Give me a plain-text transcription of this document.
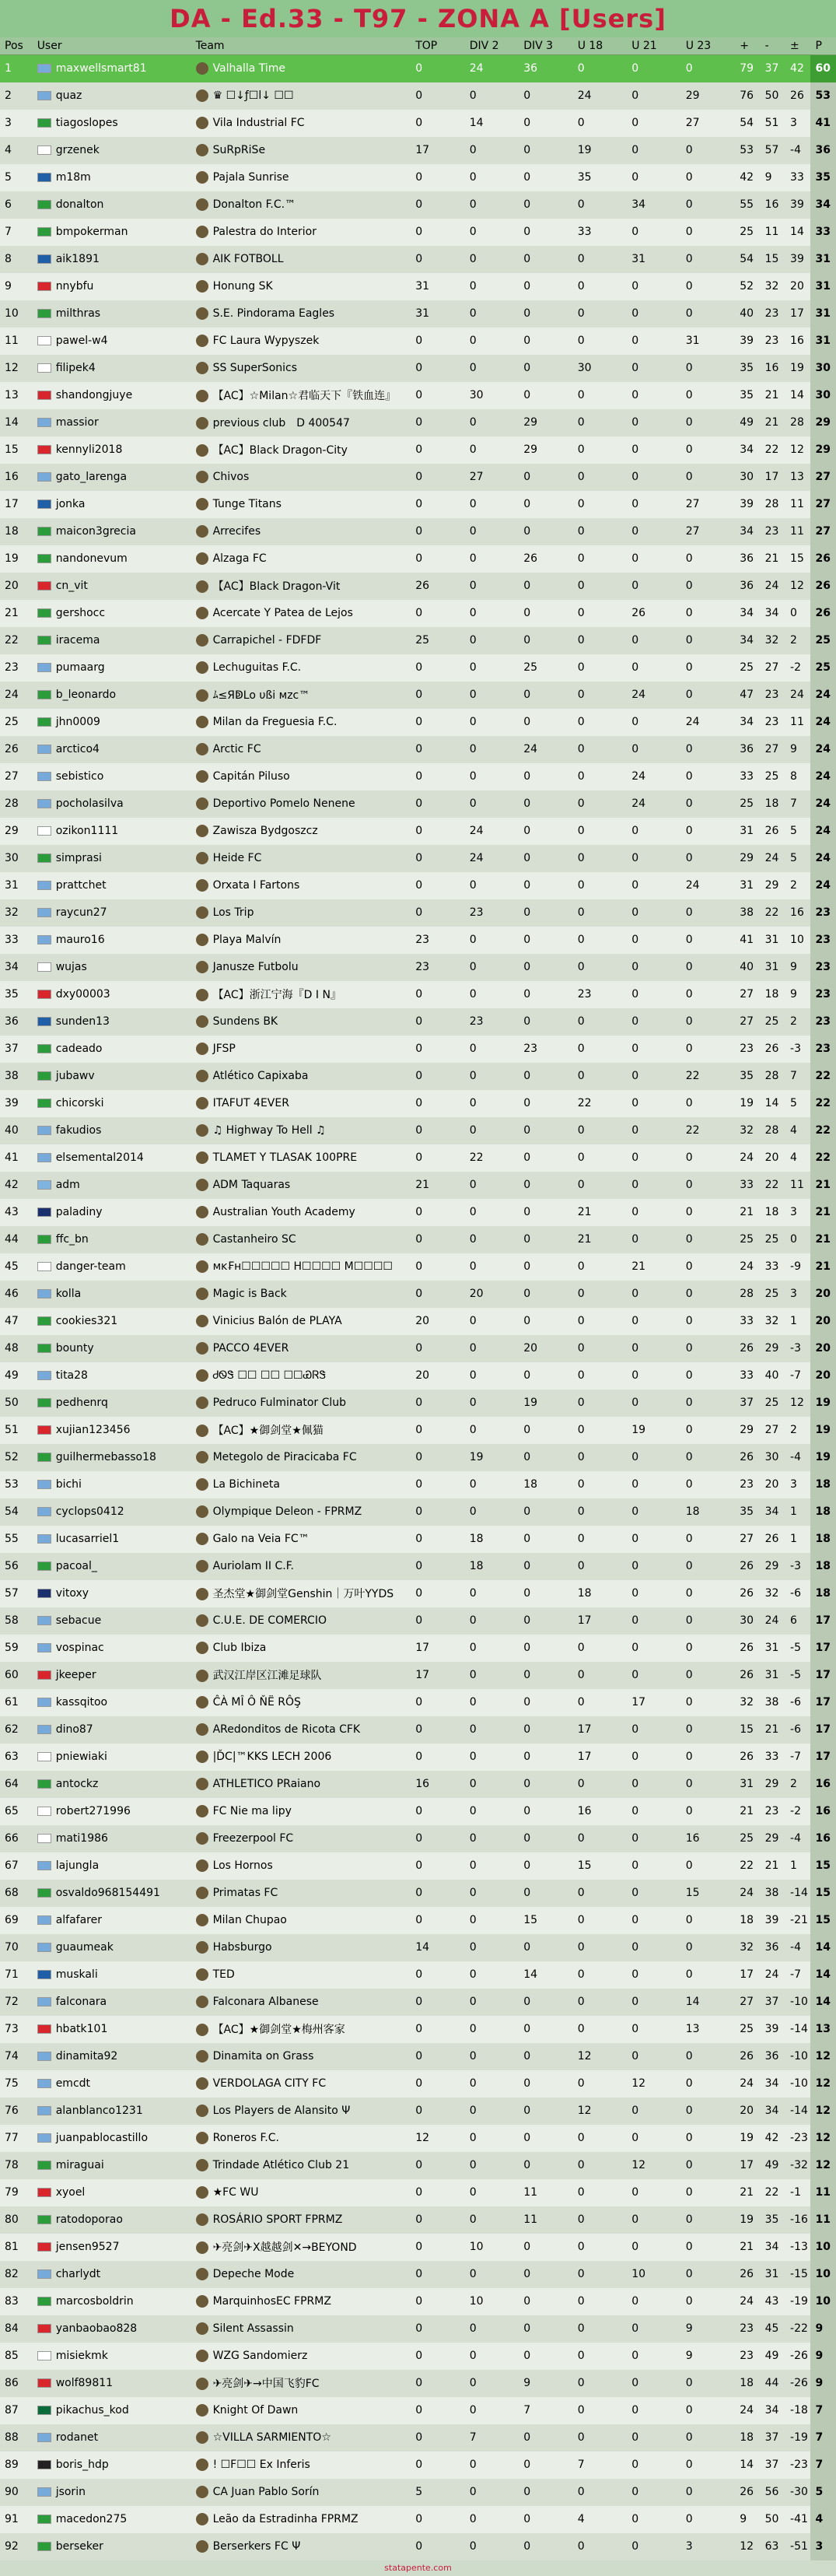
DA - Ed.33 - T97 - ZONA A [Users]
Pos	User	Team	TOP	DIV 2	DIV 3	U 18	U 21	U 23	+	-	±	P
1	maxwellsmart81	Valhalla Time	0	24	36	0	0	0	79	37	42	60
2	quaz	♛ ☐↓ƒ☐l↓ ☐☐	0	0	0	24	0	29	76	50	26	53
3	tiagoslopes	Vila Industrial FC	0	14	0	0	0	27	54	51	3	41
4	grzenek	SuRpRiSe	17	0	0	19	0	0	53	57	-4	36
5	m18m	Pajala Sunrise	0	0	0	35	0	0	42	9	33	35
6	donalton	Donalton F.C.™	0	0	0	0	34	0	55	16	39	34
7	bmpokerman	Palestra do Interior	0	0	0	33	0	0	25	11	14	33
8	aik1891	AIK FOTBOLL	0	0	0	0	31	0	54	15	39	31
9	nnybfu	Honung SK	31	0	0	0	0	0	52	32	20	31
10	milthras	S.E. Pindorama Eagles	31	0	0	0	0	0	40	23	17	31
11	pawel-w4	FC Laura Wypyszek	0	0	0	0	0	31	39	23	16	31
12	filipek4	SS SuperSonics	0	0	0	30	0	0	35	16	19	30
13	shandongjuye	【AC】☆Milan☆君临天下『铁血连』	0	30	0	0	0	0	35	21	14	30
14	massior	previous club　D 400547	0	0	29	0	0	0	49	21	28	29
15	kennyli2018	【AC】Black Dragon-City	0	0	29	0	0	0	34	22	12	29
16	gato_larenga	Chivos	0	27	0	0	0	0	30	17	13	27
17	jonka	Tunge Titans	0	0	0	0	0	27	39	28	11	27
18	maicon3grecia	Arrecifes	0	0	0	0	0	27	34	23	11	27
19	nandonevum	Alzaga FC	0	0	26	0	0	0	36	21	15	26
20	cn_vit	【AC】Black Dragon-Vit	26	0	0	0	0	0	36	24	12	26
21	gershocc	Acercate Y Patea de Lejos	0	0	0	0	26	0	34	34	0	26
22	iracema	Carrapichel - FDFDF	25	0	0	0	0	0	34	32	2	25
23	pumaarg	Lechuguitas F.C.	0	0	25	0	0	0	25	27	-2	25
24	b_leonardo	ﾑ≤ЯↁLo υßi мzc™	0	0	0	0	24	0	47	23	24	24
25	jhn0009	Milan da Freguesia F.C.	0	0	0	0	0	24	34	23	11	24
26	arctico4	Arctic FC	0	0	24	0	0	0	36	27	9	24
27	sebistico	Capitán Piluso	0	0	0	0	24	0	33	25	8	24
28	pocholasilva	Deportivo Pomelo Nenene	0	0	0	0	24	0	25	18	7	24
29	ozikon1111	Zawisza Bydgoszcz	0	24	0	0	0	0	31	26	5	24
30	simprasi	Heide FC	0	24	0	0	0	0	29	24	5	24
31	prattchet	Orxata I Fartons	0	0	0	0	0	24	31	29	2	24
32	raycun27	Los Trip	0	23	0	0	0	0	38	22	16	23
33	mauro16	Playa Malvín	23	0	0	0	0	0	41	31	10	23
34	wujas	Januszе Futbolu	23	0	0	0	0	0	40	31	9	23
35	dxy00003	【AC】浙江宁海『D I N』	0	0	0	23	0	0	27	18	9	23
36	sunden13	Sundens BK	0	23	0	0	0	0	27	25	2	23
37	cadeado	JFSP	0	0	23	0	0	0	23	26	-3	23
38	jubawv	Atlético Capixaba	0	0	0	0	0	22	35	28	7	22
39	chicorski	ITAFUT 4EVER	0	0	0	22	0	0	19	14	5	22
40	fakudios	♫ Highway To Hell ♫	0	0	0	0	0	22	32	28	4	22
41	elsemental2014	TLAMET Y TLASAK 100PRE	0	22	0	0	0	0	24	20	4	22
42	adm	ADM Taquaras	21	0	0	0	0	0	33	22	11	21
43	paladiny	Australian Youth Academy	0	0	0	21	0	0	21	18	3	21
44	ffc_bn	Castanheiro SC	0	0	0	21	0	0	25	25	0	21
45	danger-team	ᴍᴋ₣ʜ☐☐☐☐☐ H☐☐☐☐ M☐☐☐☐	0	0	0	0	21	0	24	33	-9	21
46	kolla	Magic is Back	0	20	0	0	0	0	28	25	3	20
47	cookies321	Vinicius Balón de PLAYA	20	0	0	0	0	0	33	32	1	20
48	bounty	PACCO 4EVER	0	0	20	0	0	0	26	29	-3	20
49	tita28	ᏧᏫᏕ ☐☐ ☐☐ ☐☐ᏯᏒᏕ	20	0	0	0	0	0	33	40	-7	20
50	pedhenrq	Pedruco Fulminator Club	0	0	19	0	0	0	37	25	12	19
51	xujian123456	【AC】★御剑堂★佩猫	0	0	0	0	19	0	29	27	2	19
52	guilhermebasso18	Metegolo de Piracicaba FC	0	19	0	0	0	0	26	30	-4	19
53	bichi	La Bichineta	0	0	18	0	0	0	23	20	3	18
54	cyclops0412	Olympique Deleon - FPRMZ	0	0	0	0	0	18	35	34	1	18
55	lucasarriel1	Galo na Veia FC™	0	18	0	0	0	0	27	26	1	18
56	pacoal_	Auriolam II C.F.	0	18	0	0	0	0	26	29	-3	18
57	vitoxy	圣杰堂★御剑堂Genshin｜万叶YYDS	0	0	0	18	0	0	26	32	-6	18
58	sebacue	C.U.E. DE COMERCIO	0	0	0	17	0	0	30	24	6	17
59	vospinac	Club Ibiza	17	0	0	0	0	0	26	31	-5	17
60	jkeeper	武汉江岸区江滩足球队	17	0	0	0	0	0	26	31	-5	17
61	kassqitoo	ĈÀ MÎ Ô ŇË RÔŞ	0	0	0	0	17	0	32	38	-6	17
62	dino87	ARedonditos de Ricota CFK	0	0	0	17	0	0	15	21	-6	17
63	pniewiaki	|ĎC|™KKS LECH 2006	0	0	0	17	0	0	26	33	-7	17
64	antockz	ATHLETICO PRaiano	16	0	0	0	0	0	31	29	2	16
65	robert271996	FC Nie ma lipy	0	0	0	16	0	0	21	23	-2	16
66	mati1986	Freezerpool FC	0	0	0	0	0	16	25	29	-4	16
67	lajungla	Los Hornos	0	0	0	15	0	0	22	21	1	15
68	osvaldo968154491	Primatas FC	0	0	0	0	0	15	24	38	-14	15
69	alfafarer	Milan Chupao	0	0	15	0	0	0	18	39	-21	15
70	guaumeak	Habsburgo	14	0	0	0	0	0	32	36	-4	14
71	muskali	TED	0	0	14	0	0	0	17	24	-7	14
72	falconara	Falconara Albanese	0	0	0	0	0	14	27	37	-10	14
73	hbatk101	【AC】★御剑堂★梅州客家	0	0	0	0	0	13	25	39	-14	13
74	dinamita92	Dinamita on Grass	0	0	0	12	0	0	26	36	-10	12
75	emcdt	VERDOLAGA CITY FC	0	0	0	0	12	0	24	34	-10	12
76	alanblanco1231	Los Players de Alansito Ψ	0	0	0	12	0	0	20	34	-14	12
77	juanpablocastillo	Roneros F.C.	12	0	0	0	0	0	19	42	-23	12
78	miraguai	Trindade Atlético Club 21	0	0	0	0	12	0	17	49	-32	12
79	xyoel	★FC WU	0	0	11	0	0	0	21	22	-1	11
80	ratodoporao	ROSÁRIO SPORT FPRMZ	0	0	11	0	0	0	19	35	-16	11
81	jensen9527	✈亮剑✈X越越剑✕→BEYOND	0	10	0	0	0	0	21	34	-13	10
82	charlydt	Depeche Mode	0	0	0	0	10	0	26	31	-15	10
83	marcosboldrin	MarquinhosEC FPRMZ	0	10	0	0	0	0	24	43	-19	10
84	yanbaobao828	Silent Assassin	0	0	0	0	0	9	23	45	-22	9
85	misiekmk	WZG Sandomierz	0	0	0	0	0	9	23	49	-26	9
86	wolf89811	✈亮剑✈→中国飞豹FC	0	0	9	0	0	0	18	44	-26	9
87	pikachus_kod	Knight Of Dawn	0	0	7	0	0	0	24	34	-18	7
88	rodanet	☆VILLA SARMIENTO☆	0	7	0	0	0	0	18	37	-19	7
89	boris_hdp	! ☐F☐☐ Ex Inferis	0	0	0	7	0	0	14	37	-23	7
90	jsorin	CA Juan Pablo Sorín	5	0	0	0	0	0	26	56	-30	5
91	macedon275	Leão da Estradinha FPRMZ	0	0	0	4	0	0	9	50	-41	4
92	berseker	Berserkers FC Ψ	0	0	0	0	0	3	12	63	-51	3
statapente.com
